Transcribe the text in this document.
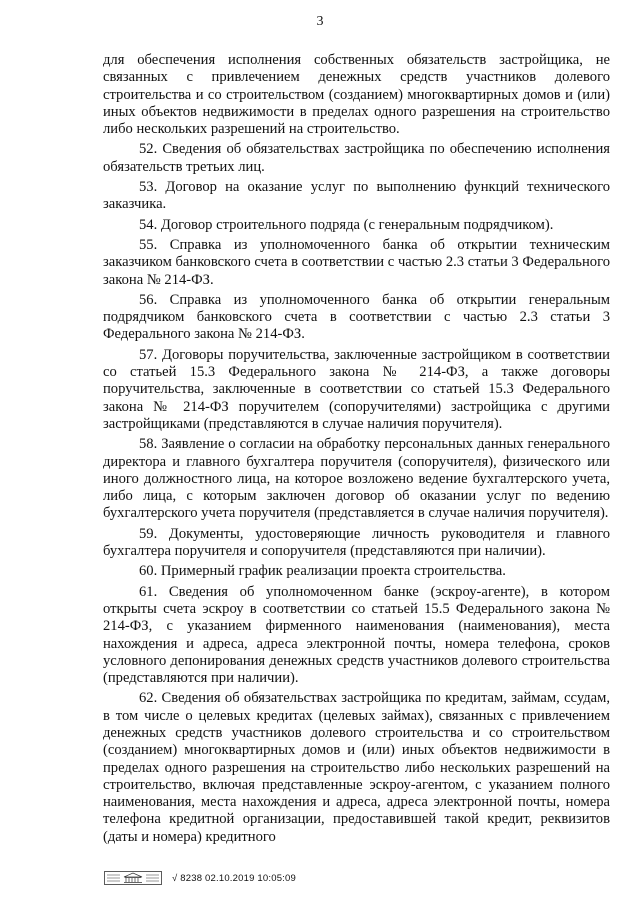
3

для обеспечения исполнения собственных обязательств застройщика, не связанных с привлечением денежных средств участников долевого строительства и со строительством (созданием) многоквартирных домов и (или) иных объектов недвижимости в пределах одного разрешения на строительство либо нескольких разрешений на строительство.

52. Сведения об обязательствах застройщика по обеспечению исполнения обязательств третьих лиц.

53. Договор на оказание услуг по выполнению функций технического заказчика.

54. Договор строительного подряда (с генеральным подрядчиком).

55. Справка из уполномоченного банка об открытии техническим заказчиком банковского счета в соответствии с частью 2.3 статьи 3 Федерального закона № 214-ФЗ.

56. Справка из уполномоченного банка об открытии генеральным подрядчиком банковского счета в соответствии с частью 2.3 статьи 3 Федерального закона № 214-ФЗ.

57. Договоры поручительства, заключенные застройщиком в соответствии со статьей 15.3 Федерального закона № 214-ФЗ, а также договоры поручительства, заключенные в соответствии со статьей 15.3 Федерального закона № 214-ФЗ поручителем (сопоручителями) застройщика с другими застройщиками (представляются в случае наличия поручителя).

58. Заявление о согласии на обработку персональных данных генерального директора и главного бухгалтера поручителя (сопоручителя), физического или иного должностного лица, на которое возложено ведение бухгалтерского учета, либо лица, с которым заключен договор об оказании услуг по ведению бухгалтерского учета поручителя (представляется в случае наличия поручителя).

59. Документы, удостоверяющие личность руководителя и главного бухгалтера поручителя и сопоручителя (представляются при наличии).

60. Примерный график реализации проекта строительства.

61. Сведения об уполномоченном банке (эскроу-агенте), в котором открыты счета эскроу в соответствии со статьей 15.5 Федерального закона № 214-ФЗ, с указанием фирменного наименования (наименования), места нахождения и адреса, адреса электронной почты, номера телефона, сроков условного депонирования денежных средств участников долевого строительства (представляются при наличии).

62. Сведения об обязательствах застройщика по кредитам, займам, ссудам, в том числе о целевых кредитах (целевых займах), связанных с привлечением денежных средств участников долевого строительства и со строительством (созданием) многоквартирных домов и (или) иных объектов недвижимости в пределах одного разрешения на строительство либо нескольких разрешений на строительство, включая представленные эскроу-агентом, с указанием полного наименования, места нахождения и адреса, адреса электронной почты, номера телефона кредитной организации, предоставившей такой кредит, реквизитов (даты и номера) кредитного

√ 8238 02.10.2019 10:05:09
